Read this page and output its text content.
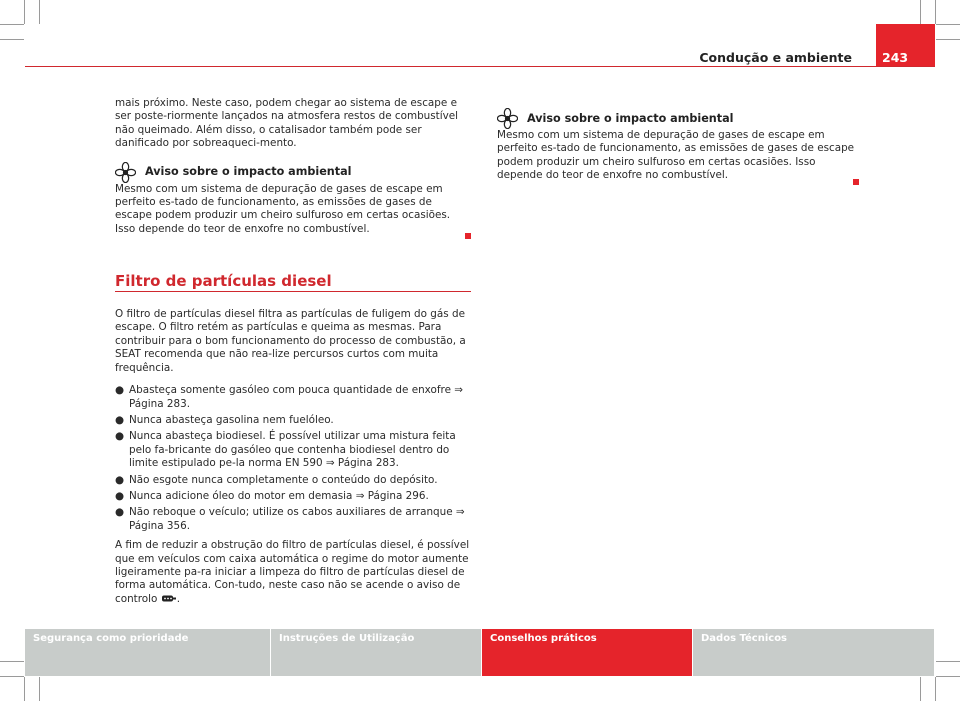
Condução e ambiente 243

mais próximo. Neste caso, podem chegar ao sistema de escape e ser poste-riormente lançados na atmosfera restos de combustível não queimado. Além disso, o catalisador também pode ser danificado por sobreaqueci-mento.

Aviso sobre o impacto ambiental

Mesmo com um sistema de depuração de gases de escape em perfeito es-tado de funcionamento, as emissões de gases de escape podem produzir um cheiro sulfuroso em certas ocasiões. Isso depende do teor de enxofre no combustível.

Filtro de partículas diesel

O filtro de partículas diesel filtra as partículas de fuligem do gás de escape. O filtro retém as partículas e queima as mesmas. Para contribuir para o bom funcionamento do processo de combustão, a SEAT recomenda que não rea-lize percursos curtos com muita frequência.

● Abasteça somente gasóleo com pouca quantidade de enxofre ⇒ Página 283.
● Nunca abasteça gasolina nem fuelóleo.
● Nunca abasteça biodiesel. É possível utilizar uma mistura feita pelo fa-bricante do gasóleo que contenha biodiesel dentro do limite estipulado pe-la norma EN 590 ⇒ Página 283.
● Não esgote nunca completamente o conteúdo do depósito.
● Nunca adicione óleo do motor em demasia ⇒ Página 296.
● Não reboque o veículo; utilize os cabos auxiliares de arranque ⇒ Página 356.

A fim de reduzir a obstrução do filtro de partículas diesel, é possível que em veículos com caixa automática o regime do motor aumente ligeiramente pa-ra iniciar a limpeza do filtro de partículas diesel de forma automática. Con-tudo, neste caso não se acende o aviso de controlo .

Aviso sobre o impacto ambiental

Mesmo com um sistema de depuração de gases de escape em perfeito es-tado de funcionamento, as emissões de gases de escape podem produzir um cheiro sulfuroso em certas ocasiões. Isso depende do teor de enxofre no combustível.

Segurança como prioridade	Instruções de Utilização	Conselhos práticos	Dados Técnicos
